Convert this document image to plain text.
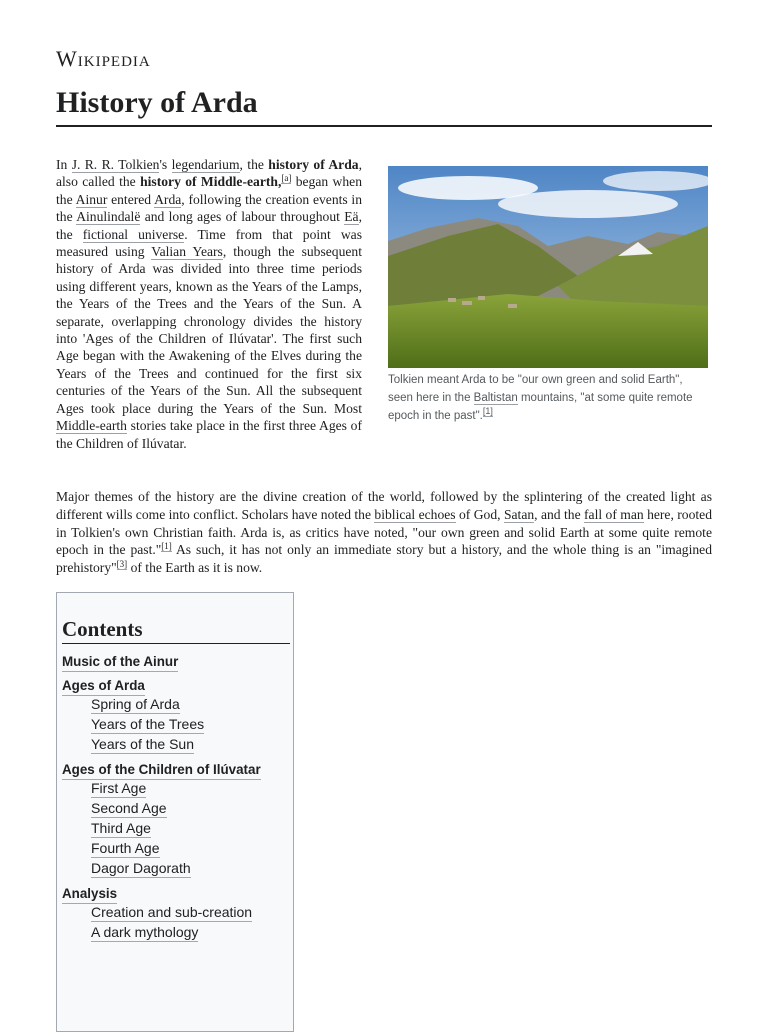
Wikipedia
History of Arda

In J. R. R. Tolkien's legendarium, the history of Arda, also called the history of Middle-earth,[a] began when the Ainur entered Arda, following the creation events in the Ainulindalë and long ages of labour throughout Eä, the fictional universe. Time from that point was measured using Valian Years, though the subsequent history of Arda was divided into three time periods using different years, known as the Years of the Lamps, the Years of the Trees and the Years of the Sun. A separate, overlapping chronology divides the history into 'Ages of the Children of Ilúvatar'. The first such Age began with the Awakening of the Elves during the Years of the Trees and continued for the first six centuries of the Years of the Sun. All the subsequent Ages took place during the Years of the Sun. Most Middle-earth stories take place in the first three Ages of the Children of Ilúvatar.

Tolkien meant Arda to be "our own green and solid Earth", seen here in the Baltistan mountains, "at some quite remote epoch in the past".[1]

Major themes of the history are the divine creation of the world, followed by the splintering of the created light as different wills come into conflict. Scholars have noted the biblical echoes of God, Satan, and the fall of man here, rooted in Tolkien's own Christian faith. Arda is, as critics have noted, "our own green and solid Earth at some quite remote epoch in the past."[1] As such, it has not only an immediate story but a history, and the whole thing is an "imagined prehistory"[3] of the Earth as it is now.

Contents
Music of the Ainur
Ages of Arda
Spring of Arda
Years of the Trees
Years of the Sun
Ages of the Children of Ilúvatar
First Age
Second Age
Third Age
Fourth Age
Dagor Dagorath
Analysis
Creation and sub-creation
A dark mythology
